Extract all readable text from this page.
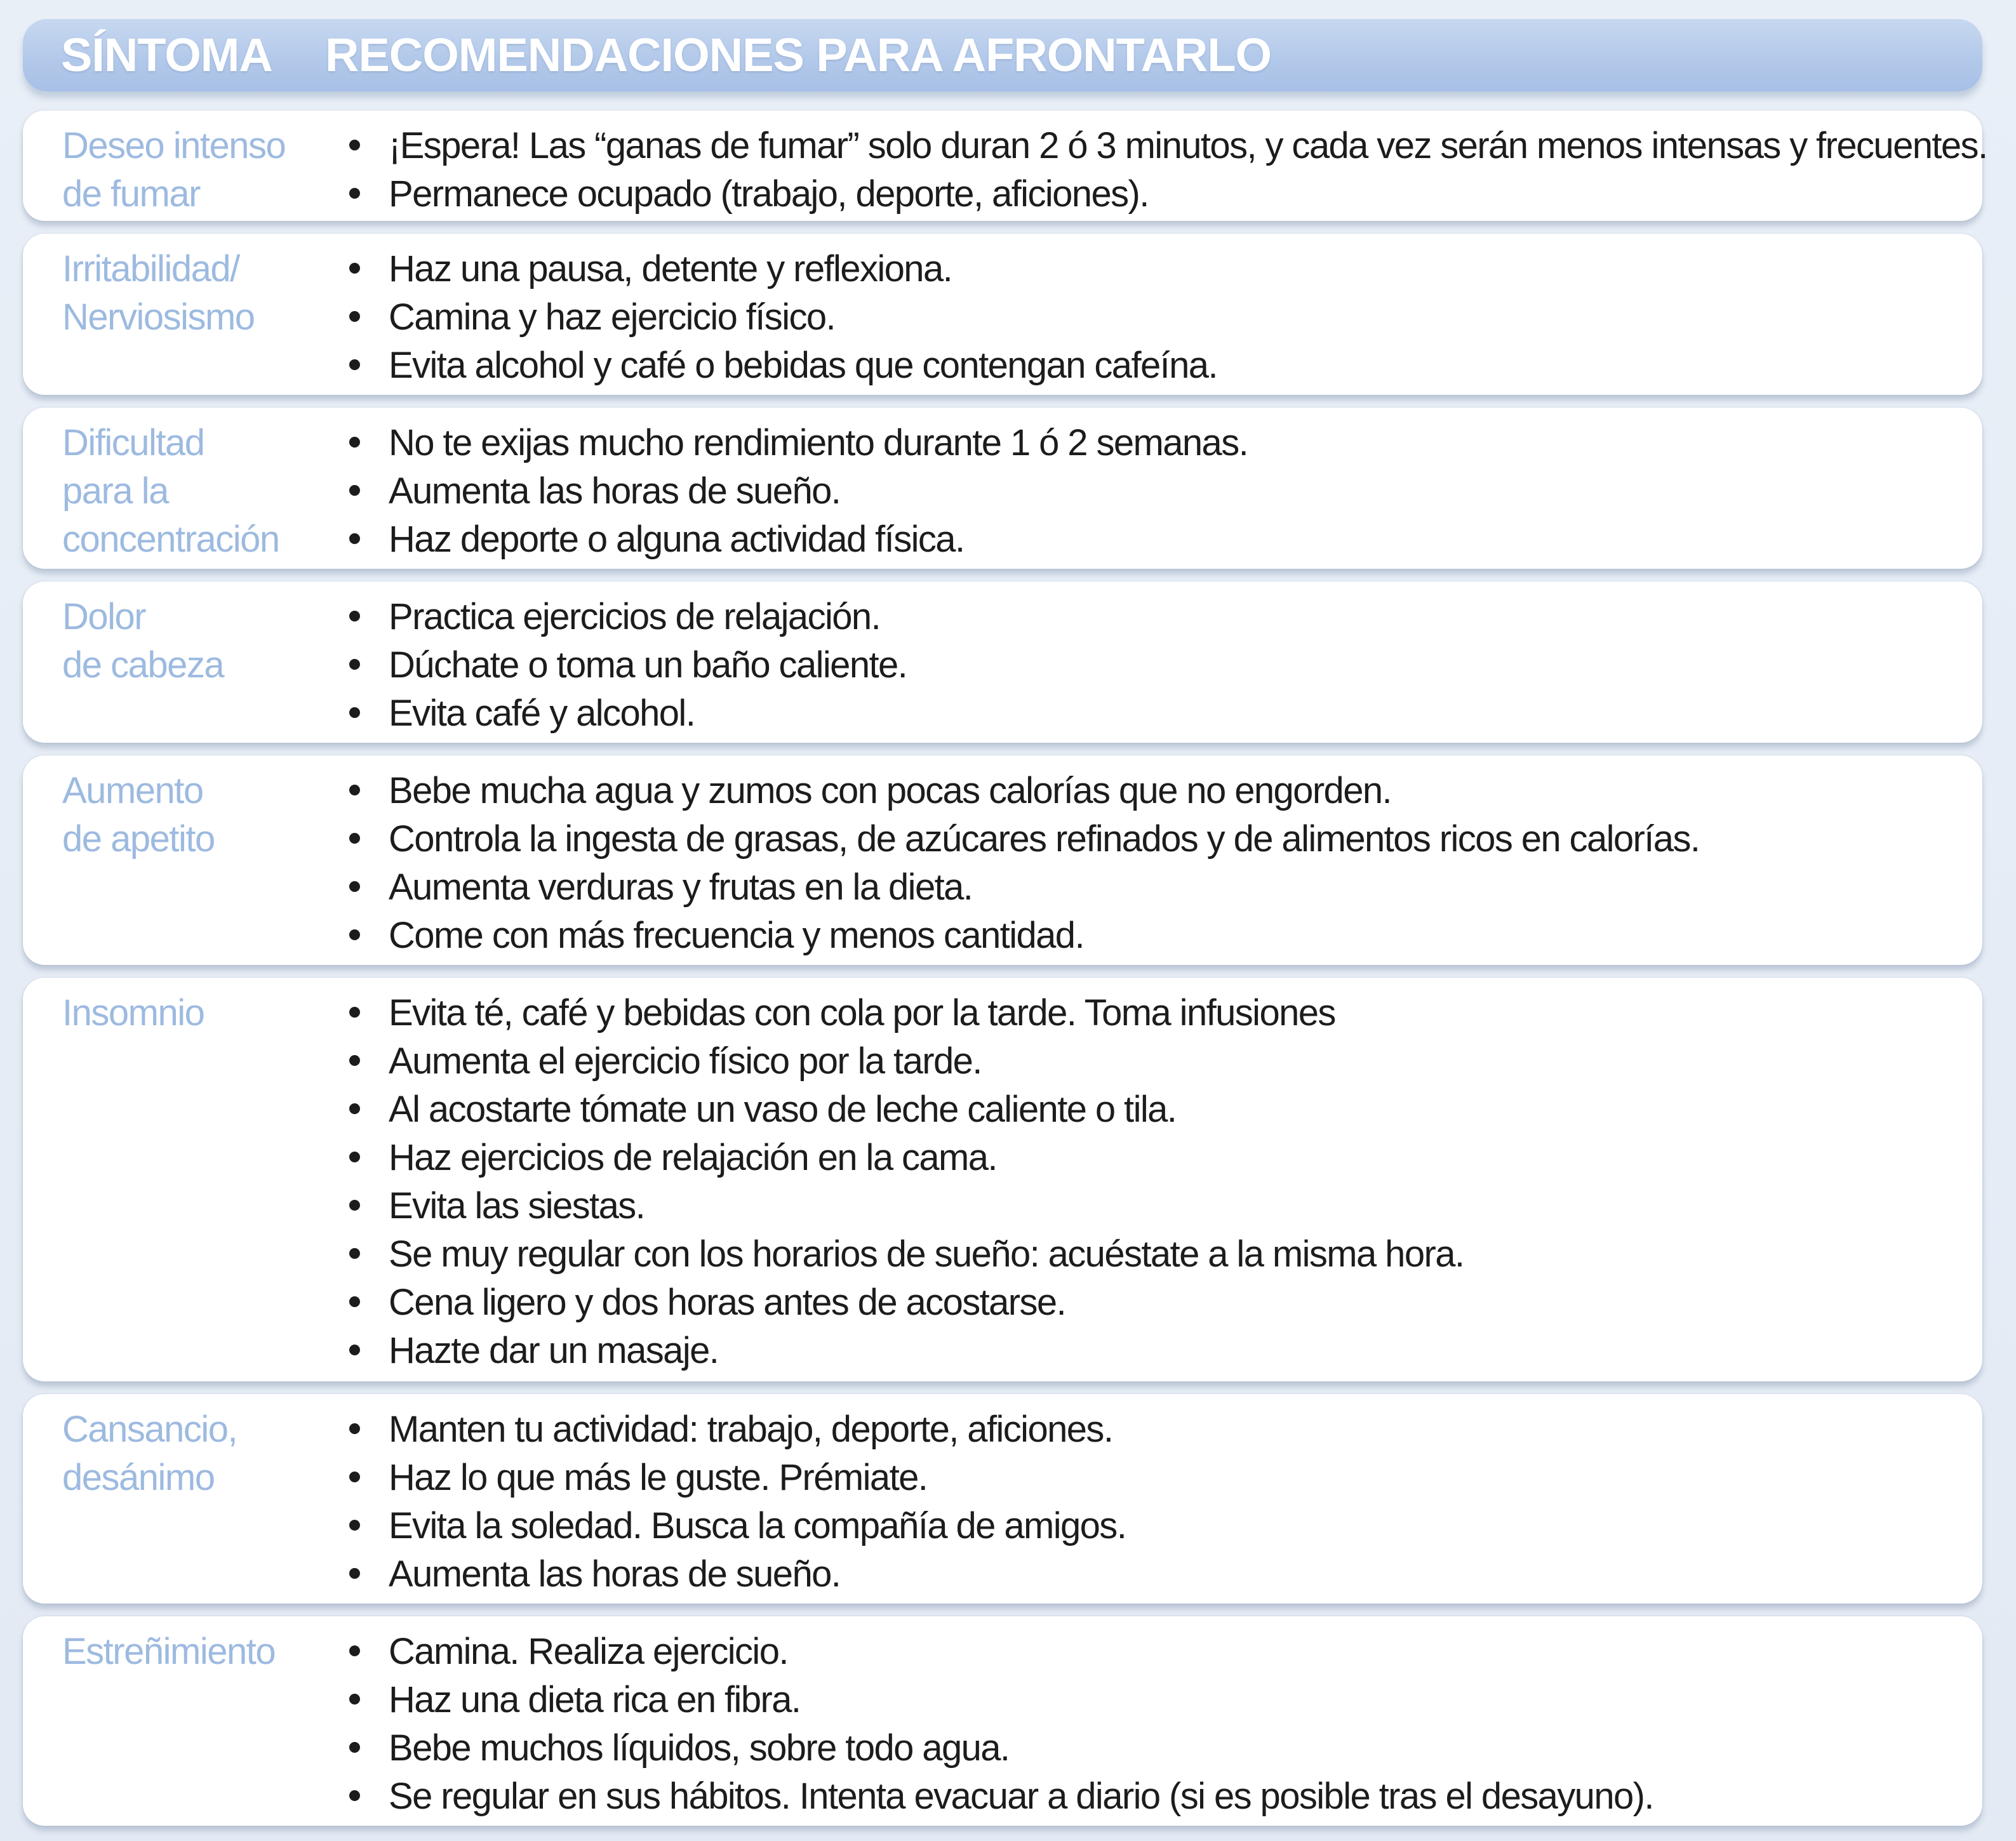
SÍNTOMA RECOMENDACIONES PARA AFRONTARLO
Deseo intenso
de fumar
¡Espera! Las “ganas de fumar” solo duran 2 ó 3 minutos, y cada vez serán menos intensas y frecuentes.
Permanece ocupado (trabajo, deporte, aficiones).
Irritabilidad/
Nerviosismo
Haz una pausa, detente y reflexiona.
Camina y haz ejercicio físico.
Evita alcohol y café o bebidas que contengan cafeína.
Dificultad
para la
concentración
No te exijas mucho rendimiento durante 1 ó 2 semanas.
Aumenta las horas de sueño.
Haz deporte o alguna actividad física.
Dolor
de cabeza
Practica ejercicios de relajación.
Dúchate o toma un baño caliente.
Evita café y alcohol.
Aumento
de apetito
Bebe mucha agua y zumos con pocas calorías que no engorden.
Controla la ingesta de grasas, de azúcares refinados y de alimentos ricos en calorías.
Aumenta verduras y frutas en la dieta.
Come con más frecuencia y menos cantidad.
Insomnio	Evita té, café y bebidas con cola por la tarde. Toma infusiones
Aumenta el ejercicio físico por la tarde.
Al acostarte tómate un vaso de leche caliente o tila.
Haz ejercicios de relajación en la cama.
Evita las siestas.
Se muy regular con los horarios de sueño: acuéstate a la misma hora.
Cena ligero y dos horas antes de acostarse.
Hazte dar un masaje.
Cansancio,
desánimo
Manten tu actividad: trabajo, deporte, aficiones.
Haz lo que más le guste. Prémiate.
Evita la soledad. Busca la compañía de amigos.
Aumenta las horas de sueño.
Estreñimiento	Camina. Realiza ejercicio.
Haz una dieta rica en fibra.
Bebe muchos líquidos, sobre todo agua.
Se regular en sus hábitos. Intenta evacuar a diario (si es posible tras el desayuno).
